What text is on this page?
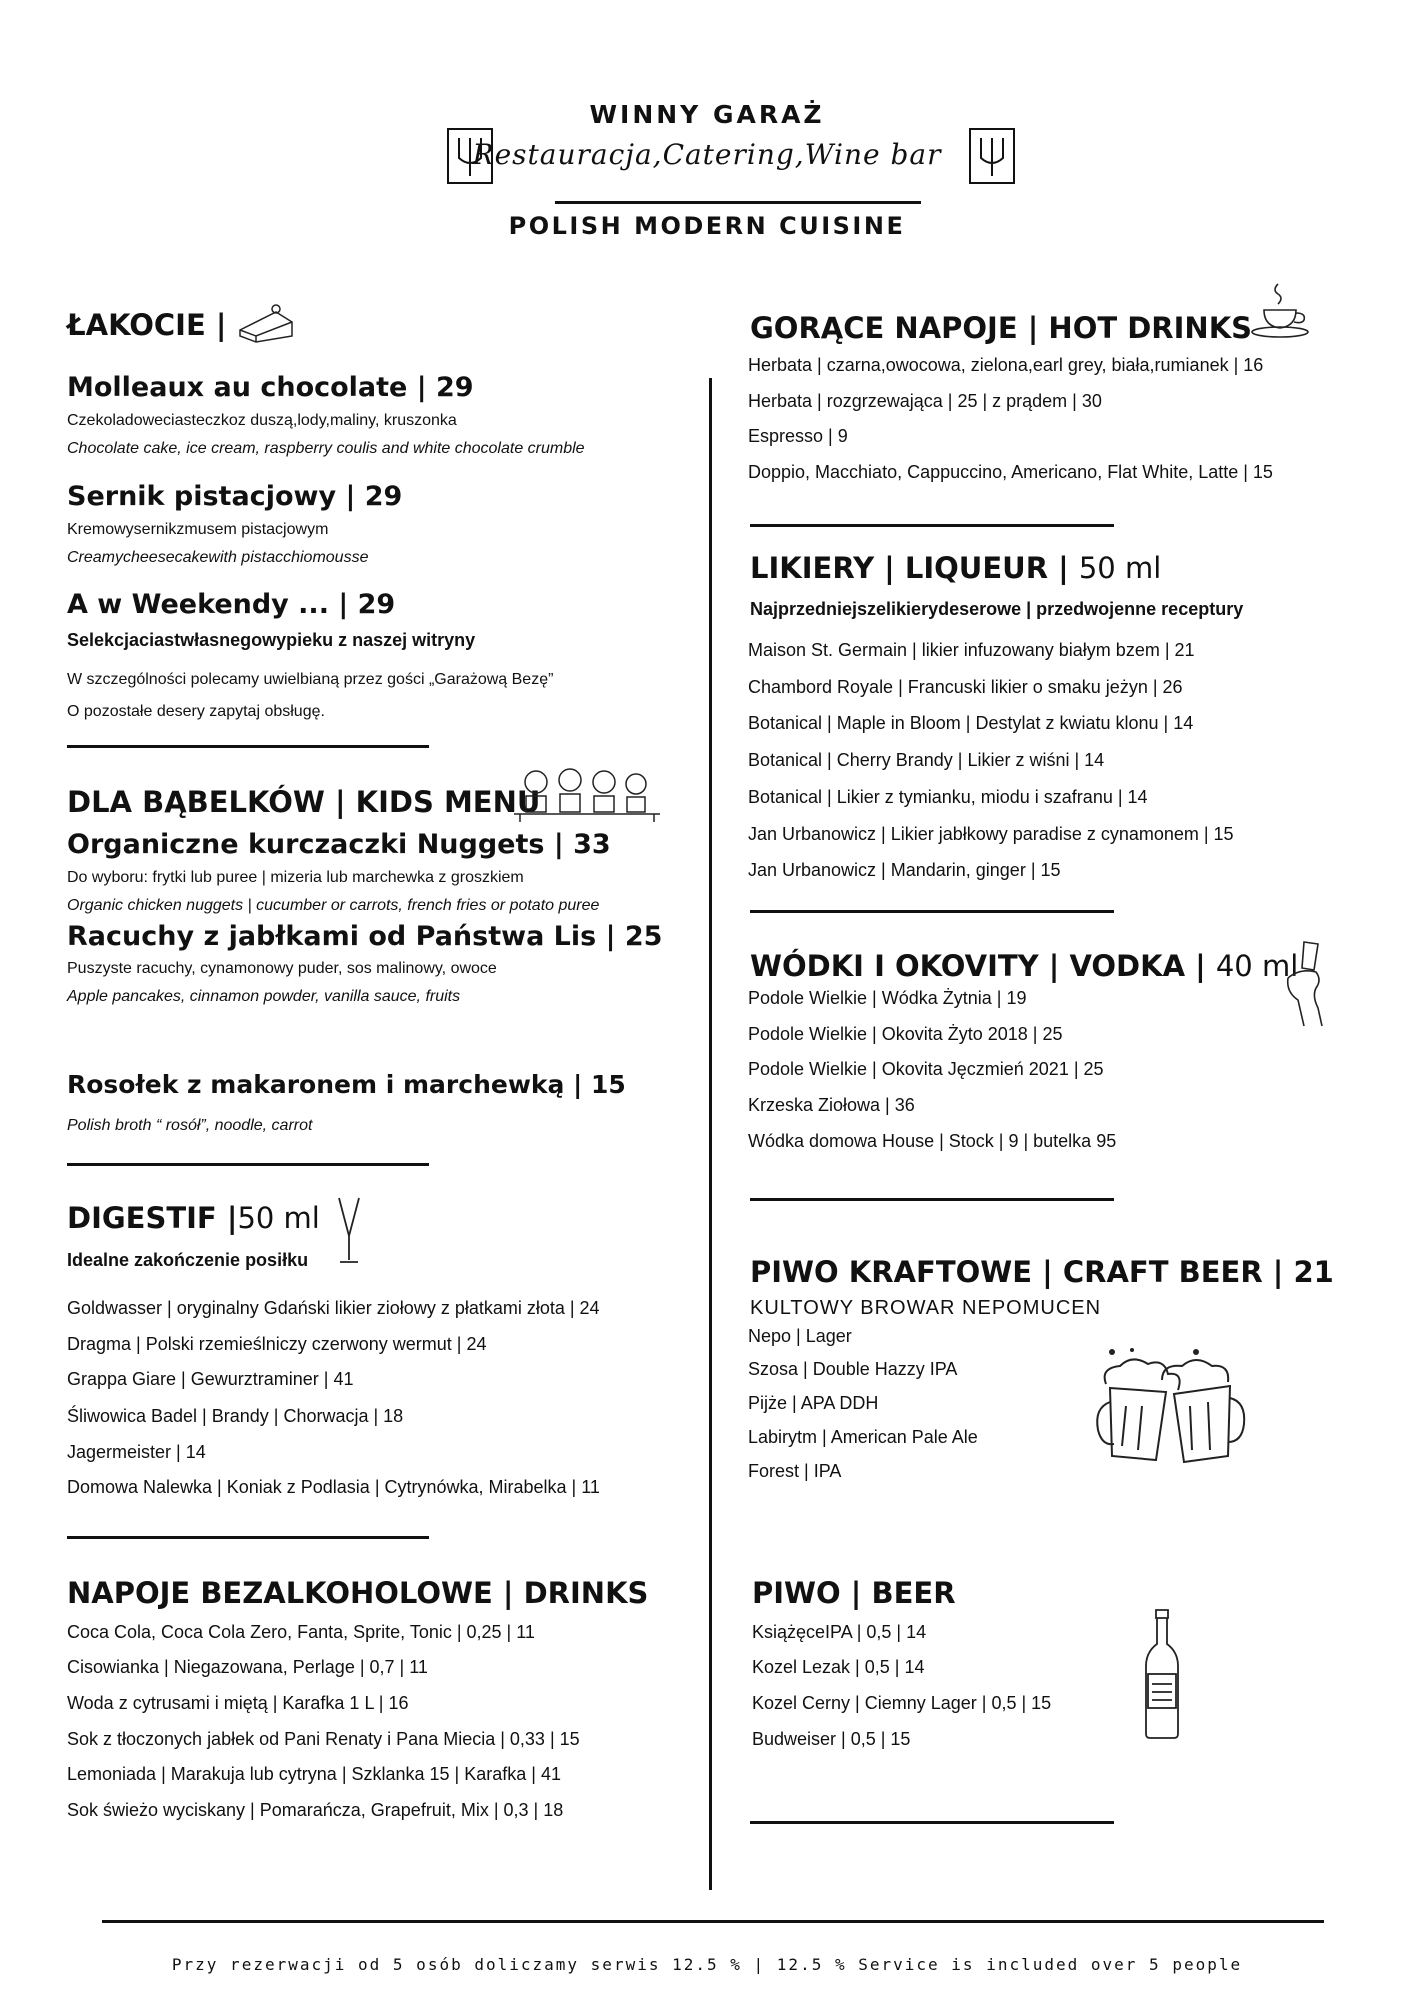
WINNY GARAŻ
Restauracja,Catering,Wine bar
POLISH MODERN CUISINE
ŁAKOCIE |
Molleaux au chocolate | 29
Czekoladoweciasteczkoz duszą,lody,maliny, kruszonka
Chocolate cake, ice cream, raspberry coulis and white chocolate crumble
Sernik pistacjowy | 29
Kremowysernikzmusem pistacjowym
Creamycheesecakewith pistacchiomousse
A w Weekendy ... | 29
Selekcjaciastwłasnegowypieku z naszej witryny
W szczególności polecamy uwielbianą przez gości „Garażową Bezę”
O pozostałe desery zapytaj obsługę.
DLA BĄBELKÓW | KIDS MENU
Organiczne kurczaczki Nuggets | 33
Do wyboru: frytki lub puree | mizeria lub marchewka z groszkiem
Organic chicken nuggets | cucumber or carrots, french fries or potato puree
Racuchy z jabłkami od Państwa Lis | 25
Puszyste racuchy, cynamonowy puder, sos malinowy, owoce
Apple pancakes, cinnamon powder, vanilla sauce, fruits
Rosołek z makaronem i marchewką | 15
Polish broth “ rosół”, noodle, carrot
DIGESTIF |50 ml
Idealne zakończenie posiłku
Goldwasser | oryginalny Gdański likier ziołowy z płatkami złota | 24
Dragma | Polski rzemieślniczy czerwony wermut | 24
Grappa Giare | Gewurztraminer | 41
Śliwowica Badel | Brandy | Chorwacja | 18
Jagermeister | 14
Domowa Nalewka | Koniak z Podlasia | Cytrynówka, Mirabelka | 11
NAPOJE BEZALKOHOLOWE | DRINKS
Coca Cola, Coca Cola Zero, Fanta, Sprite, Tonic | 0,25 | 11
Cisowianka | Niegazowana, Perlage | 0,7 | 11
Woda z cytrusami i miętą | Karafka 1 L | 16
Sok z tłoczonych jabłek od Pani Renaty i Pana Miecia | 0,33 | 15
Lemoniada | Marakuja lub cytryna | Szklanka 15 | Karafka | 41
Sok świeżo wyciskany | Pomarańcza, Grapefruit, Mix | 0,3 | 18
GORĄCE NAPOJE | HOT DRINKS
Herbata | czarna,owocowa, zielona,earl grey, biała,rumianek | 16
Herbata | rozgrzewająca | 25 | z prądem | 30
Espresso | 9
Doppio, Macchiato, Cappuccino, Americano, Flat White, Latte | 15
LIKIERY | LIQUEUR | 50 ml
Najprzedniejszelikierydeserowe | przedwojenne receptury
Maison St. Germain | likier infuzowany białym bzem | 21
Chambord Royale | Francuski likier o smaku jeżyn | 26
Botanical | Maple in Bloom | Destylat z kwiatu klonu | 14
Botanical | Cherry Brandy | Likier z wiśni | 14
Botanical | Likier z tymianku, miodu i szafranu | 14
Jan Urbanowicz | Likier jabłkowy paradise z cynamonem | 15
Jan Urbanowicz | Mandarin, ginger | 15
WÓDKI I OKOVITY | VODKA | 40 ml
Podole Wielkie | Wódka Żytnia | 19
Podole Wielkie | Okovita Żyto 2018 | 25
Podole Wielkie | Okovita Jęczmień 2021 | 25
Krzeska Ziołowa | 36
Wódka domowa House | Stock | 9 | butelka 95
PIWO KRAFTOWE | CRAFT BEER | 21
KULTOWY BROWAR NEPOMUCEN
Nepo | Lager
Szosa | Double Hazzy IPA
Pijże | APA DDH
Labirytm | American Pale Ale
Forest | IPA
PIWO | BEER
KsiążęceIPA | 0,5 | 14
Kozel Lezak | 0,5 | 14
Kozel Cerny | Ciemny Lager | 0,5 | 15
Budweiser | 0,5 | 15
Przy rezerwacji od 5 osób doliczamy serwis 12.5 % | 12.5 % Service is included over 5 people
